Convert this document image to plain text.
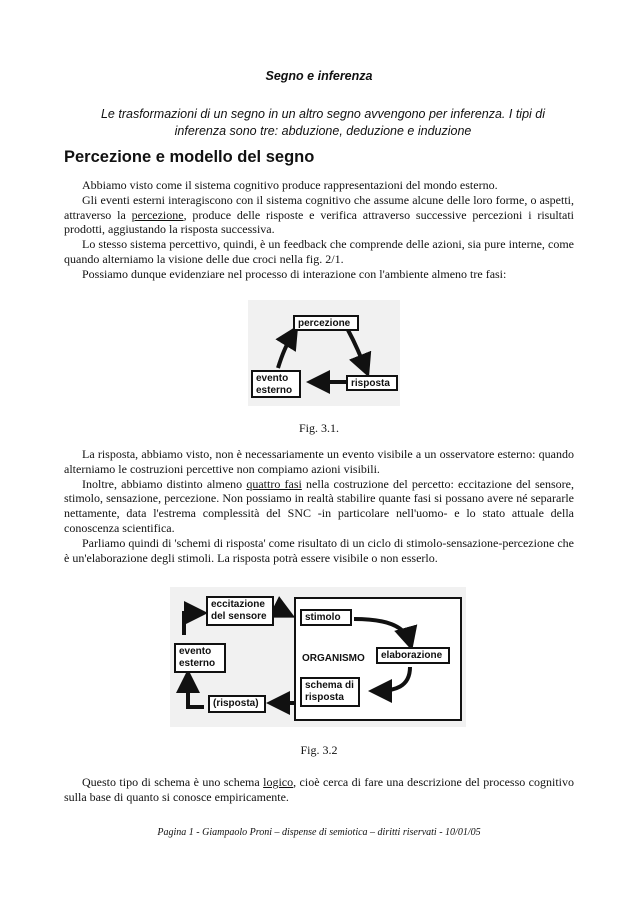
Segno e inferenza
Le trasformazioni di un segno in un altro segno avvengono per inferenza. I tipi di inferenza sono tre: abduzione, deduzione e induzione
Percezione e modello del segno

Abbiamo visto come il sistema cognitivo produce rappresentazioni del mondo esterno.

Gli eventi esterni interagiscono con il sistema cognitivo che assume alcune delle loro forme, o aspetti, attraverso la percezione, produce delle risposte e verifica attraverso successive percezioni i risultati prodotti, aggiustando la risposta successiva.

Lo stesso sistema percettivo, quindi, è un feedback che comprende delle azioni, sia pure interne, come quando alterniamo la visione delle due croci nella fig. 2/1.

Possiamo dunque evidenziare nel processo di interazione con l'ambiente almeno tre fasi:

percezione
risposta
evento esterno
Fig. 3.1.

La risposta, abbiamo visto, non è necessariamente un evento visibile a un osservatore esterno: quando alterniamo le costruzioni percettive non compiamo azioni visibili.

Inoltre, abbiamo distinto almeno quattro fasi nella costruzione del percetto: eccitazione del sensore, stimolo, sensazione, percezione. Non possiamo in realtà stabilire quante fasi si possano avere né separarle nettamente, data l'estrema complessità del SNC -in particolare nell'uomo- e lo stato attuale della conoscenza scientifica.

Parliamo quindi di 'schemi di risposta' come risultato di un ciclo di stimolo-sensazione-percezione che è un'elaborazione degli stimoli. La risposta potrà essere visibile o non esserlo.

eccitazione del sensore
evento esterno
(risposta)
stimolo
ORGANISMO	elaborazione
schema di risposta
Fig. 3.2

Questo tipo di schema è uno schema logico, cioè cerca di fare una descrizione del processo cognitivo sulla base di quanto si conosce empiricamente.

Pagina 1 - Giampaolo Proni – dispense di semiotica – diritti riservati - 10/01/05
